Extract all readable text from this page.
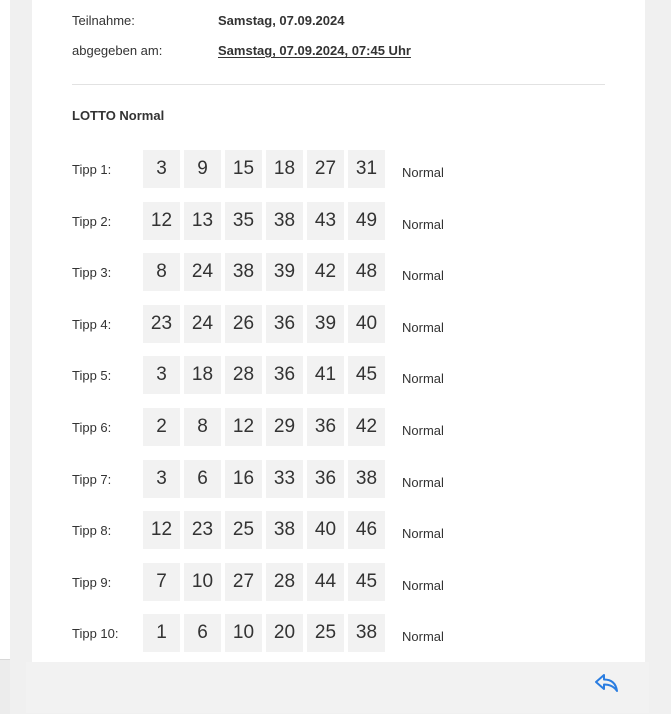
Teilnahme:	Samstag, 07.09.2024
abgegeben am:	Samstag, 07.09.2024, 07:45 Uhr
LOTTO Normal
Tipp 1:	3	9	15	18	27	31	Normal
Tipp 2:	12	13	35	38	43	49	Normal
Tipp 3:	8	24	38	39	42	48	Normal
Tipp 4:	23	24	26	36	39	40	Normal
Tipp 5:	3	18	28	36	41	45	Normal
Tipp 6:	2	8	12	29	36	42	Normal
Tipp 7:	3	6	16	33	36	38	Normal
Tipp 8:	12	23	25	38	40	46	Normal
Tipp 9:	7	10	27	28	44	45	Normal
Tipp 10:	1	6	10	20	25	38	Normal
